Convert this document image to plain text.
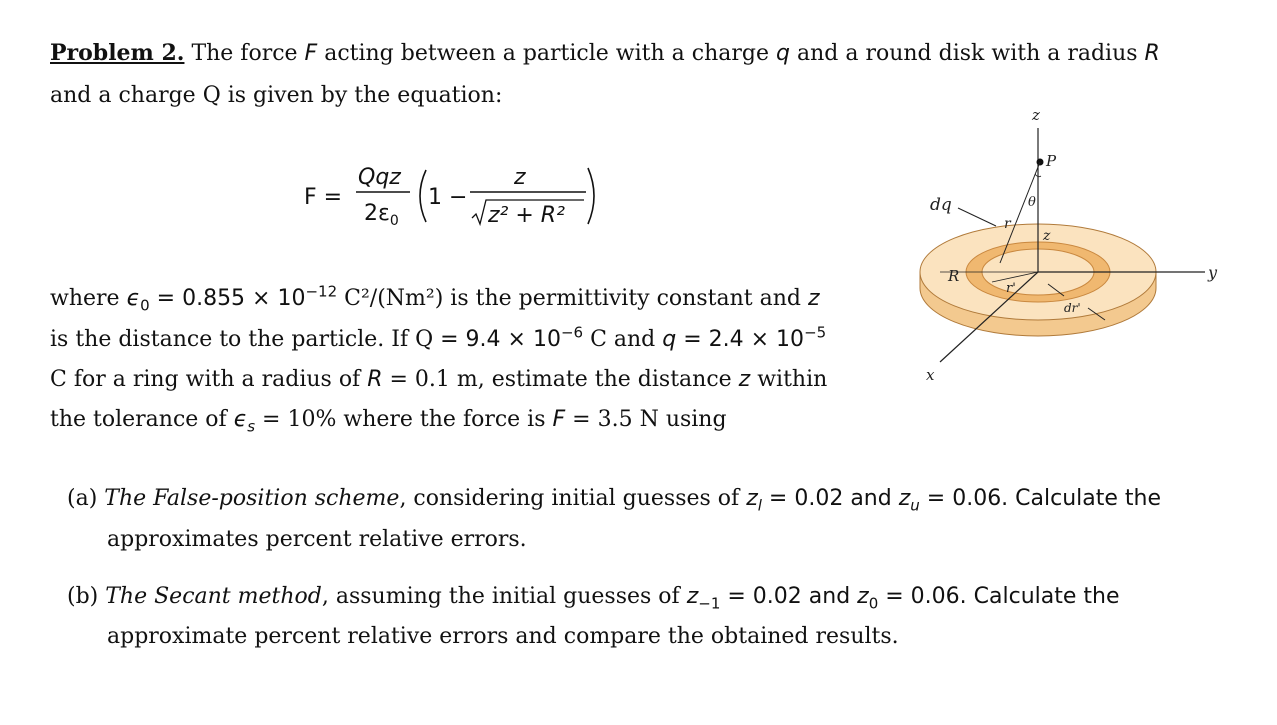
Problem 2. The force F acting between a particle with a charge q and a round disk with a radius R
and a charge Q is given by the equation:
F =
Qqz
$2\varepsilon_0$
1 −
z
z² + R²
where $\epsilon_0 = 0.855 \times 10^{-12}$ C²/(Nm²) is the permittivity constant and z
is the distance to the particle. If $Q = 9.4 \times 10^{-6}$ C and $q = 2.4 \times 10^{-5}$
C for a ring with a radius of R = 0.1 m, estimate the distance z within
the tolerance of $\epsilon_s = 10\%$ where the force is F = 3.5 N using
(a) The False-position scheme, considering initial guesses of $z_l = 0.02$ and $z_u = 0.06$. Calculate the
approximates percent relative errors.
(b) The Secant method, assuming the initial guesses of $z_{-1} = 0.02$ and $z_0 = 0.06$. Calculate the
approximate percent relative errors and compare the obtained results.
z
P
θ
dq
r
z
y
R
r'
dr'
x
